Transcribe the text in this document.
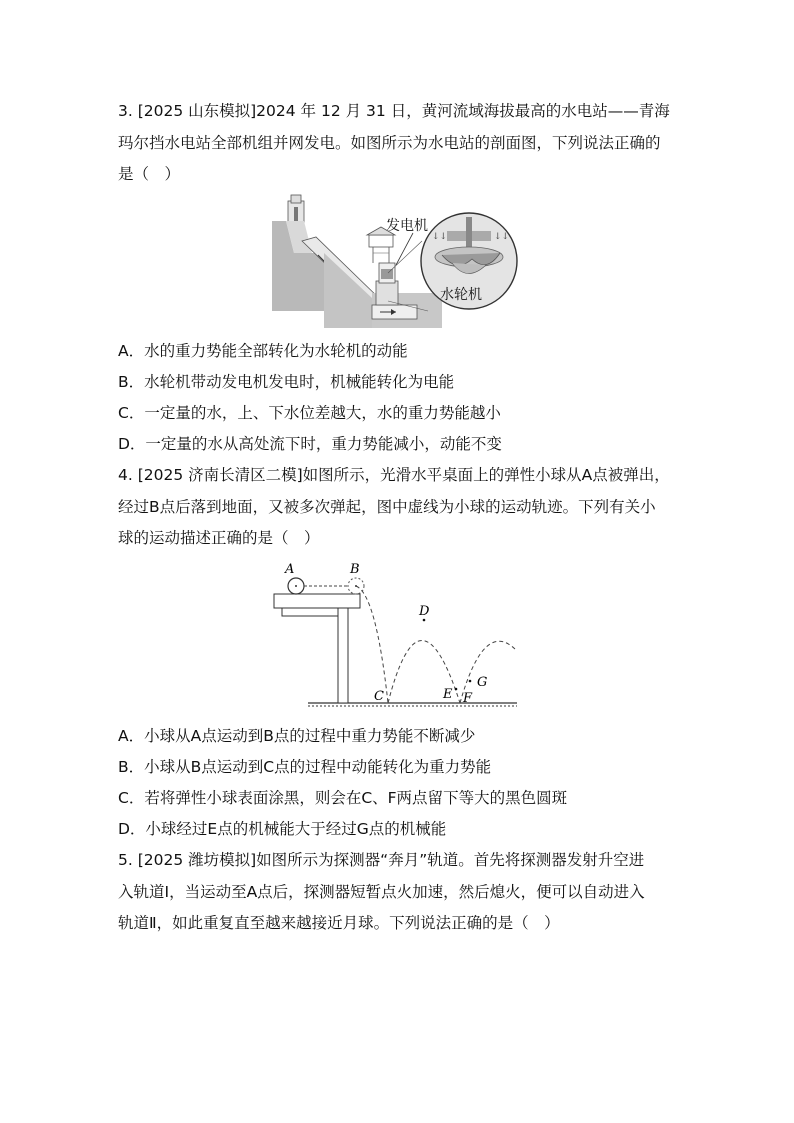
3. [2025 山东模拟]2024 年 12 月 31 日，黄河流域海拔最高的水电站——青海
玛尔挡水电站全部机组并网发电。如图所示为水电站的剖面图，下列说法正确的
是（　）
发电机
↓↓	↓↓
水轮机
A．水的重力势能全部转化为水轮机的动能
B．水轮机带动发电机发电时，机械能转化为电能
C．一定量的水，上、下水位差越大，水的重力势能越小
D．一定量的水从高处流下时，重力势能减小，动能不变
4. [2025 济南长清区二模]如图所示，光滑水平桌面上的弹性小球从A点被弹出，
经过B点后落到地面，又被多次弹起，图中虚线为小球的运动轨迹。下列有关小
球的运动描述正确的是（　）
A	B
C
D
E F
G
A．小球从A点运动到B点的过程中重力势能不断减少
B．小球从B点运动到C点的过程中动能转化为重力势能
C．若将弹性小球表面涂黑，则会在C、F两点留下等大的黑色圆斑
D．小球经过E点的机械能大于经过G点的机械能
5. [2025 潍坊模拟]如图所示为探测器“奔月”轨道。首先将探测器发射升空进
入轨道Ⅰ，当运动至A点后，探测器短暂点火加速，然后熄火，便可以自动进入
轨道Ⅱ，如此重复直至越来越接近月球。下列说法正确的是（　）
